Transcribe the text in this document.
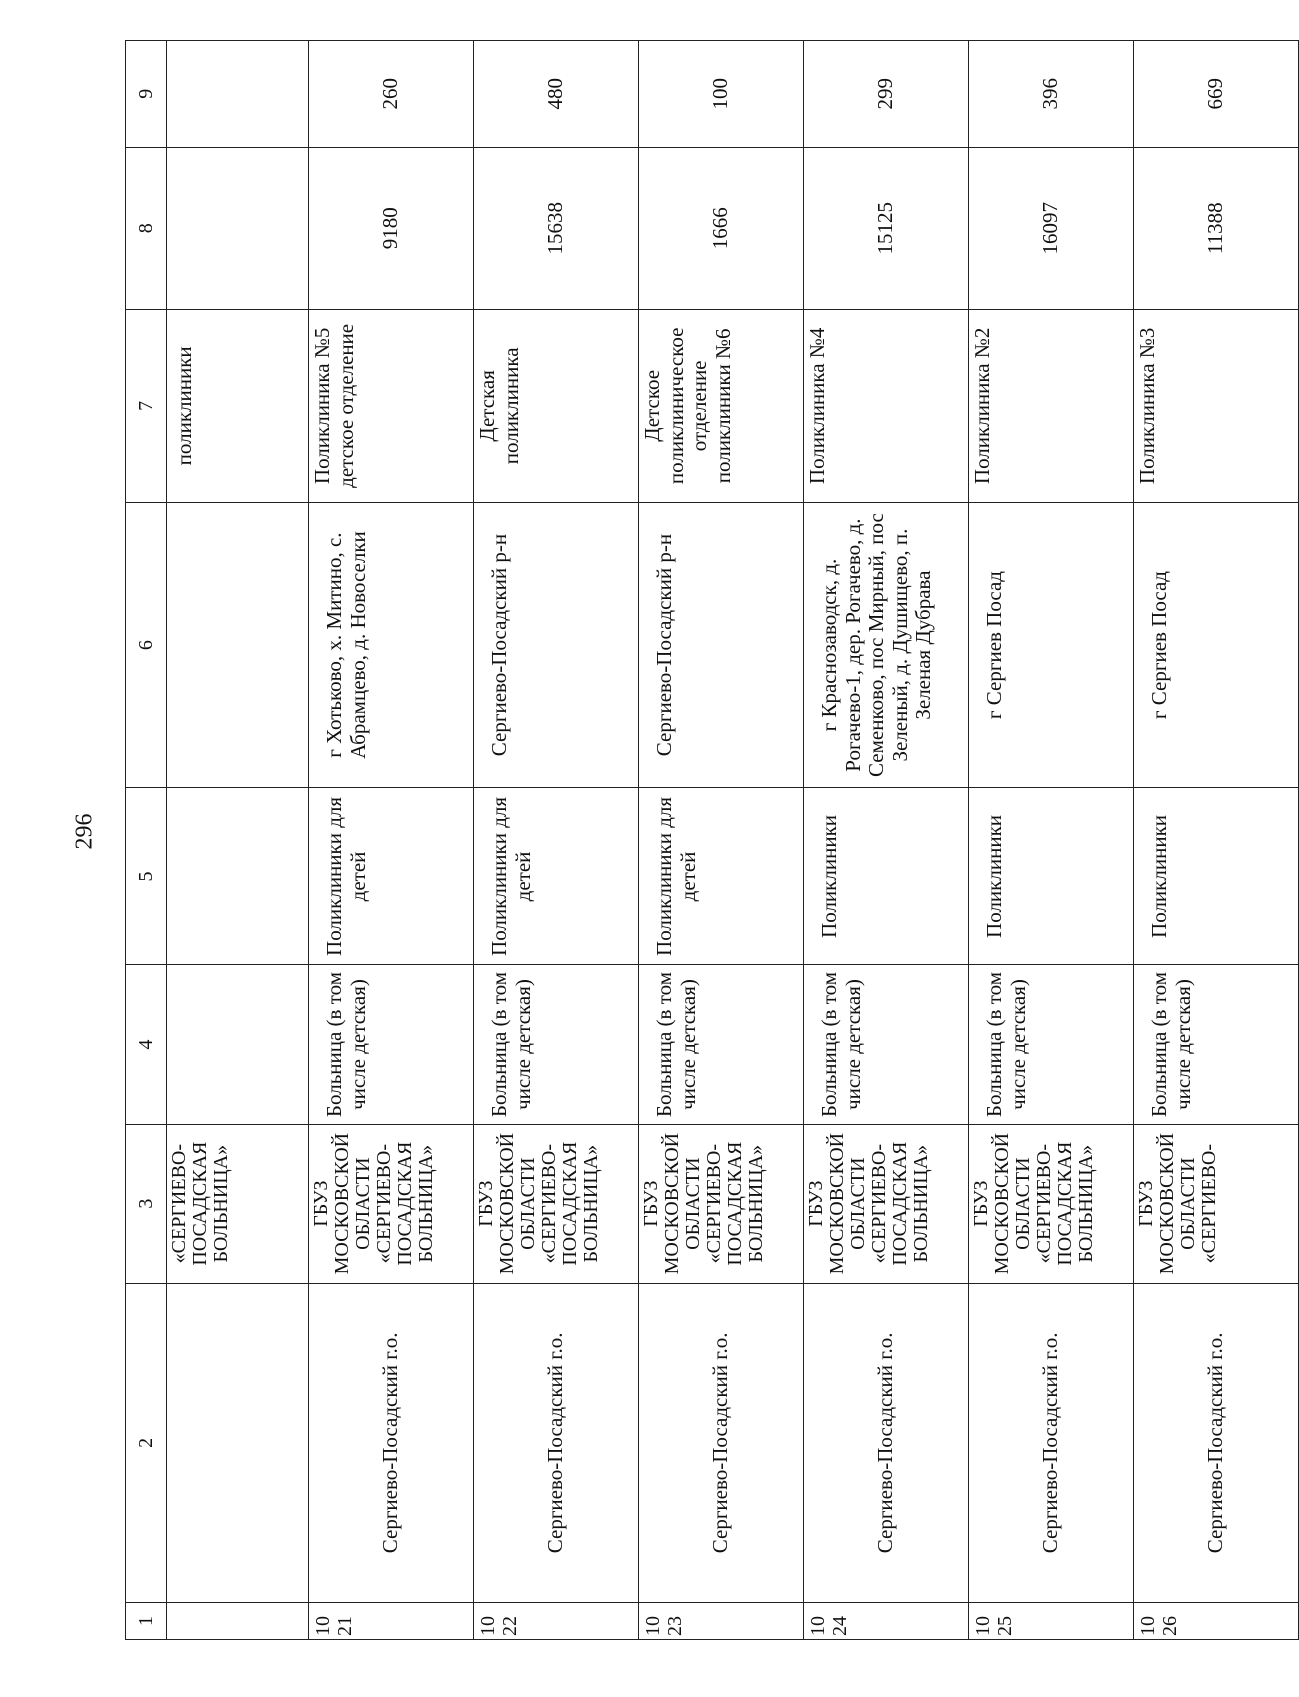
296
1	2	3	4	5	6	7	8	9
		«СЕРГИЕВО-ПОСАДСКАЯ БОЛЬНИЦА»				поликлиники		
1021	Сергиево-Посадский г.о.	ГБУЗ МОСКОВСКОЙ ОБЛАСТИ «СЕРГИЕВО-ПОСАДСКАЯ БОЛЬНИЦА»	Больница (в том числе детская)	Поликлиники для детей	г Хотьково, х. Митино, с. Абрамцево, д. Новоселки	Поликлиника №5 детское отделение	9180	260
1022	Сергиево-Посадский г.о.	ГБУЗ МОСКОВСКОЙ ОБЛАСТИ «СЕРГИЕВО-ПОСАДСКАЯ БОЛЬНИЦА»	Больница (в том числе детская)	Поликлиники для детей	Сергиево-Посадский р-н	Детская поликлиника	15638	480
1023	Сергиево-Посадский г.о.	ГБУЗ МОСКОВСКОЙ ОБЛАСТИ «СЕРГИЕВО-ПОСАДСКАЯ БОЛЬНИЦА»	Больница (в том числе детская)	Поликлиники для детей	Сергиево-Посадский р-н	Детское поликлиническое отделение поликлиники №6	1666	100
1024	Сергиево-Посадский г.о.	ГБУЗ МОСКОВСКОЙ ОБЛАСТИ «СЕРГИЕВО-ПОСАДСКАЯ БОЛЬНИЦА»	Больница (в том числе детская)	Поликлиники	г Краснозаводск, д. Рогачево-1, дер. Рогачево, д. Семенково, пос Мирный, пос Зеленый, д. Душищево, п. Зеленая Дубрава	Поликлиника №4	15125	299
1025	Сергиево-Посадский г.о.	ГБУЗ МОСКОВСКОЙ ОБЛАСТИ «СЕРГИЕВО-ПОСАДСКАЯ БОЛЬНИЦА»	Больница (в том числе детская)	Поликлиники	г Сергиев Посад	Поликлиника №2	16097	396
1026	Сергиево-Посадский г.о.	ГБУЗ МОСКОВСКОЙ ОБЛАСТИ «СЕРГИЕВО-	Больница (в том числе детская)	Поликлиники	г Сергиев Посад	Поликлиника №3	11388	669
